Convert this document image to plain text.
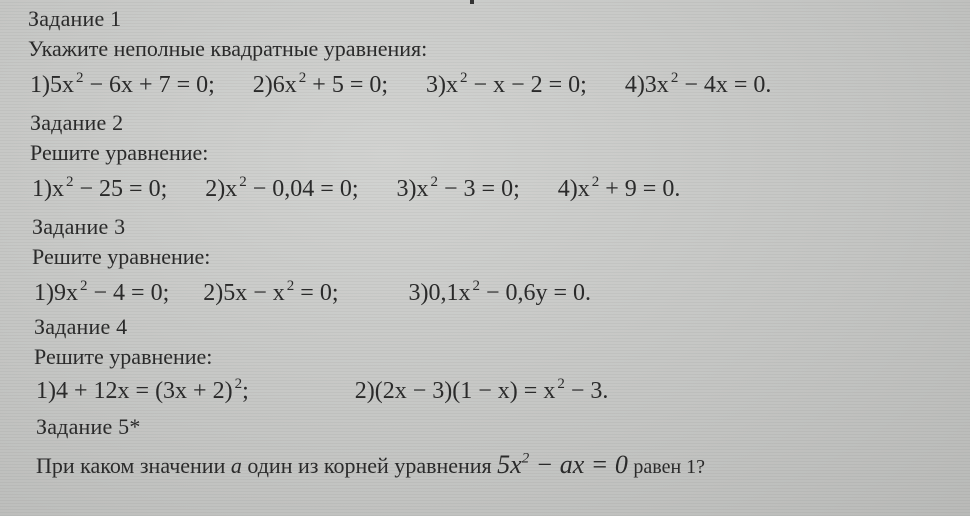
Задание 1
Укажите неполные квадратные уравнения:
1)5x $^2$ − 6x + 7 = 0; 2)6x $^2$ + 5 = 0; 3)x $^2$ − x − 2 = 0; 4)3x $^2$ − 4x = 0.
Задание 2
Решите уравнение:
1)x $^2$ − 25 = 0; 2)x $^2$ − 0,04 = 0; 3)x $^2$ − 3 = 0; 4)x $^2$ + 9 = 0.
Задание 3
Решите уравнение:
1)9x $^2$ − 4 = 0; 2)5x − x $^2$ = 0;	3)0,1x $^2$ − 0,6y = 0.
Задание 4
Решите уравнение:
1)4 + 12x = (3x + 2) $^2$;	2)(2x − 3)(1 − x) = x $^2$ − 3.
Задание 5*
При каком значении a один из корней уравнения $5x^2$ − ax = 0 равен 1?
